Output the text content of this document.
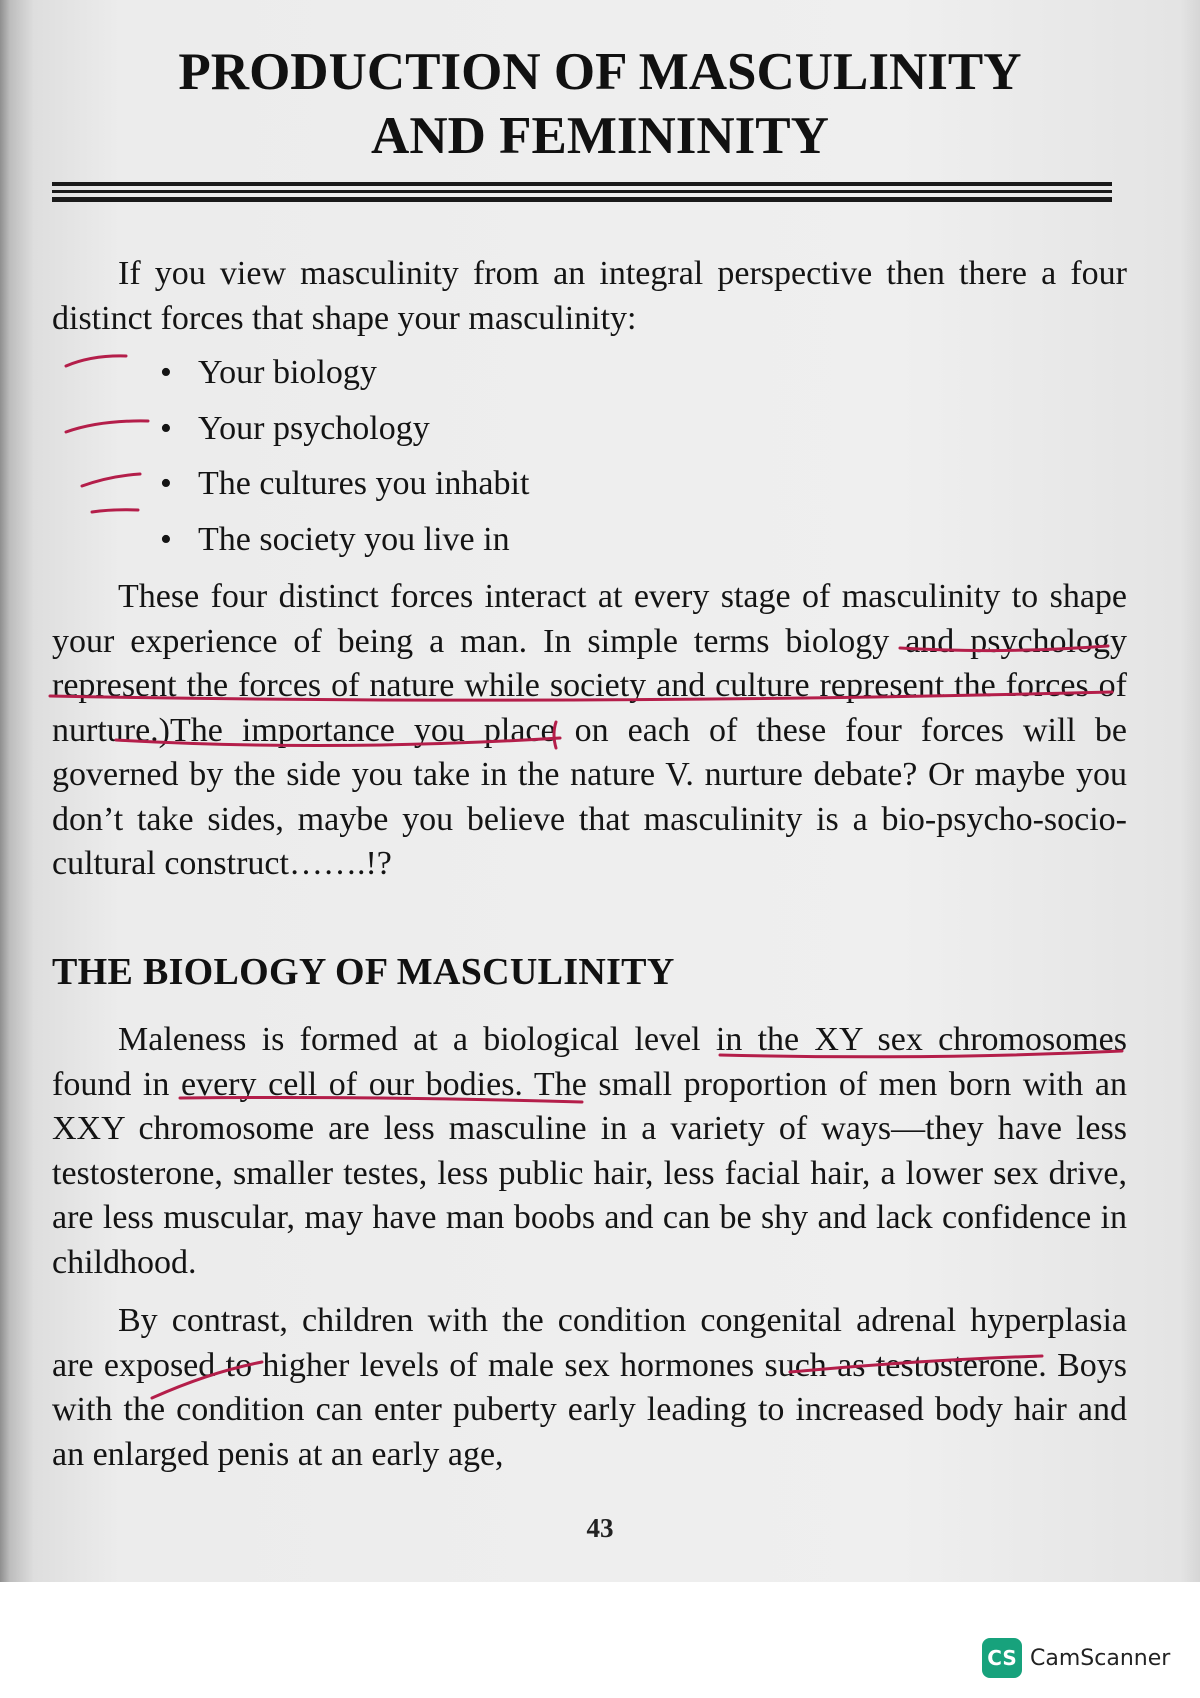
PRODUCTION OF MASCULINITY
AND FEMININITY

If you view masculinity from an integral perspective then there a four distinct forces that shape your masculinity:

• Your biology
• Your psychology
• The cultures you inhabit
• The society you live in

These four distinct forces interact at every stage of masculinity to shape your experience of being a man. In simple terms biology and psychology represent the forces of nature while society and culture represent the forces of nurture.)The importance you place on each of these four forces will be governed by the side you take in the nature V. nurture debate? Or maybe you don’t take sides, maybe you believe that masculinity is a bio-psycho-socio-cultural construct…….!?

THE BIOLOGY OF MASCULINITY

Maleness is formed at a biological level in the XY sex chromosomes found in every cell of our bodies. The small proportion of men born with an XXY chromosome are less masculine in a variety of ways—they have less testosterone, smaller testes, less public hair, less facial hair, a lower sex drive, are less muscular, may have man boobs and can be shy and lack confidence in childhood.

By contrast, children with the condition congenital adrenal hyperplasia are exposed to higher levels of male sex hormones such as testosterone. Boys with the condition can enter puberty early leading to increased body hair and an enlarged penis at an early age,

43
CS CamScanner
